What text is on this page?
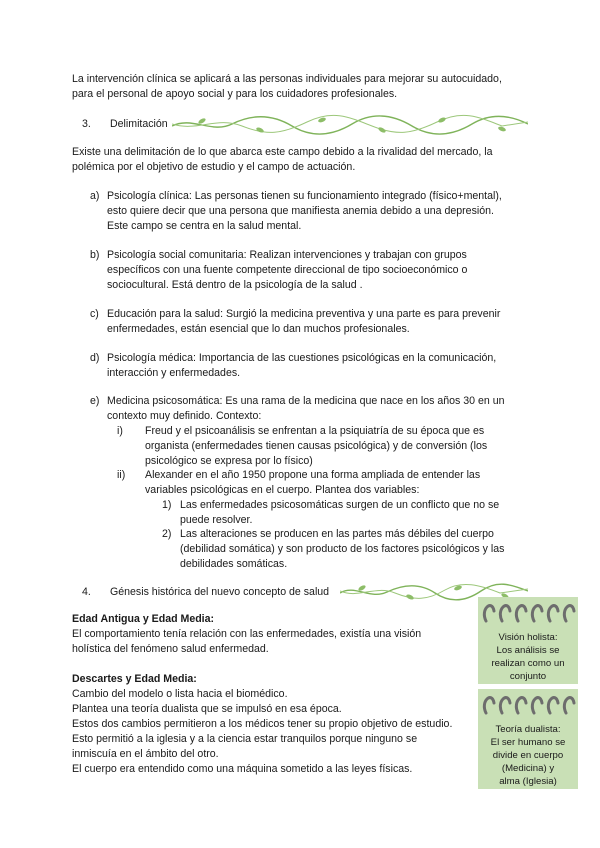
La intervención clínica se aplicará a las personas individuales para mejorar su autocuidado,
para el personal de apoyo social y para los cuidadores profesionales.

3. Delimitación

Existe una delimitación de lo que abarca este campo debido a la rivalidad del mercado, la
polémica por el objetivo de estudio y el campo de actuación.

a) Psicología clínica: Las personas tienen su funcionamiento integrado (físico+mental),
esto quiere decir que una persona que manifiesta anemia debido a una depresión.
Este campo se centra en la salud mental.
b) Psicología social comunitaria: Realizan intervenciones y trabajan con grupos
específicos con una fuente competente direccional de tipo socioeconómico o
sociocultural. Está dentro de la psicología de la salud .
c) Educación para la salud: Surgió la medicina preventiva y una parte es para prevenir
enfermedades, están esencial que lo dan muchos profesionales.
d) Psicología médica: Importancia de las cuestiones psicológicas en la comunicación,
interacción y enfermedades.
e) Medicina psicosomática: Es una rama de la medicina que nace en los años 30 en un
contexto muy definido. Contexto:
i) Freud y el psicoanálisis se enfrentan a la psiquiatría de su época que es
organista (enfermedades tienen causas psicológica) y de conversión (los
psicológico se expresa por lo físico)
ii) Alexander en el año 1950 propone una forma ampliada de entender las
variables psicológicas en el cuerpo. Plantea dos variables:
1) Las enfermedades psicosomáticas surgen de un conflicto que no se
puede resolver.
2) Las alteraciones se producen en las partes más débiles del cuerpo
(debilidad somática) y son producto de los factores psicológicos y las
debilidades somáticas.
4. Génesis histórica del nuevo concepto de salud
Edad Antigua y Edad Media:
El comportamiento tenía relación con las enfermedades, existía una visión
holística del fenómeno salud enfermedad.
Descartes y Edad Media:
Cambio del modelo o lista hacia el biomédico.
Plantea una teoría dualista que se impulsó en esa época.
Estos dos cambios permitieron a los médicos tener su propio objetivo de estudio.
Esto permitió a la iglesia y a la ciencia estar tranquilos porque ninguno se
inmiscuía en el ámbito del otro.
El cuerpo era entendido como una máquina sometido a las leyes físicas.
Visión holista:
Los análisis se
realizan como un
conjunto
Teoría dualista:
El ser humano se
divide en cuerpo
(Medicina) y
alma (Iglesia)
